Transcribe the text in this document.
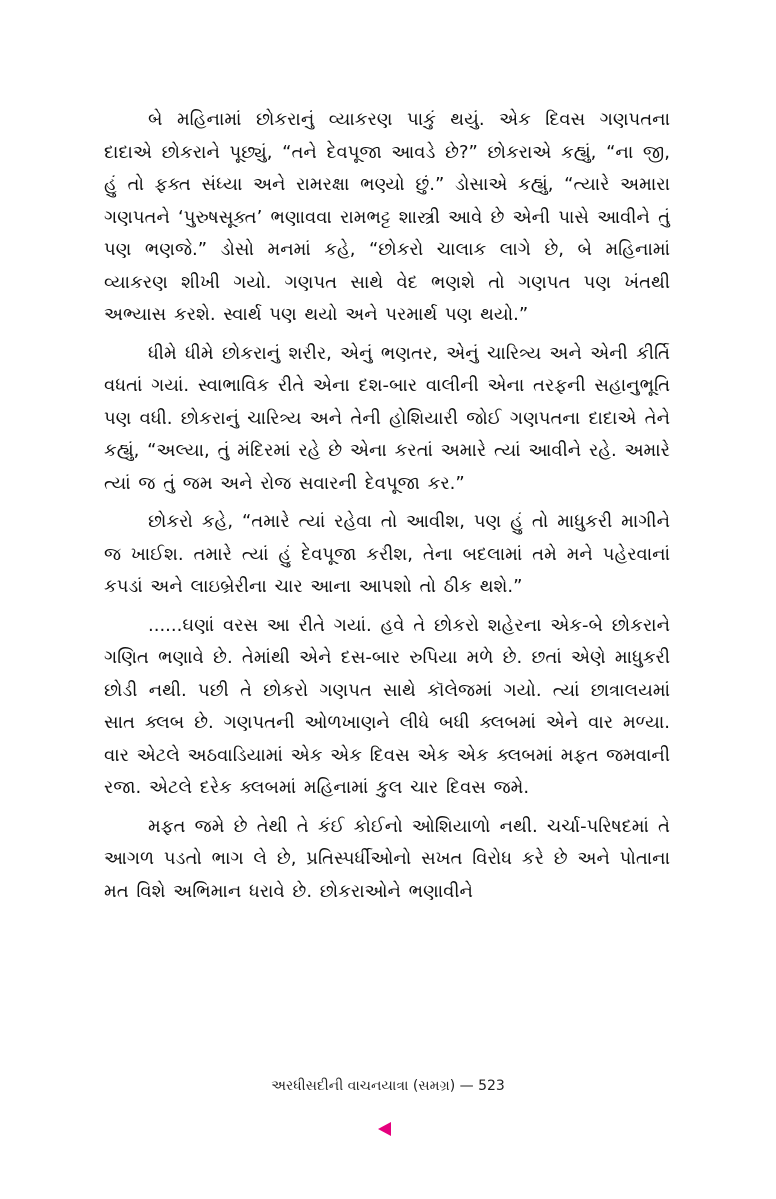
બે મહિનામાં છોકરાનું વ્યાકરણ પાકું થયું. એક દિવસ ગણપતના દાદાએ છોકરાને પૂછ્યું, “તને દેવપૂજા આવડે છે?” છોકરાએ કહ્યું, “ના જી, હું તો ફક્ત સંધ્યા અને રામરક્ષા ભણ્યો છું.” ડોસાએ કહ્યું, “ત્યારે અમારા ગણપતને ‘પુરુષસૂક્ત’ ભણાવવા રામભટ્ટ શાસ્ત્રી આવે છે એની પાસે આવીને તું પણ ભણજે.” ડોસો મનમાં કહે, “છોકરો ચાલાક લાગે છે, બે મહિનામાં વ્યાકરણ શીખી ગયો. ગણપત સાથે વેદ ભણશે તો ગણપત પણ ખંતથી અભ્યાસ કરશે. સ્વાર્થ પણ થયો અને પરમાર્થ પણ થયો.”

ધીમે ધીમે છોકરાનું શરીર, એનું ભણતર, એનું ચારિત્ર્ય અને એની કીર્તિ વધતાં ગયાં. સ્વાભાવિક રીતે એના દશ-બાર વાલીની એના તરફની સહાનુભૂતિ પણ વધી. છોકરાનું ચારિત્ર્ય અને તેની હોશિયારી જોઈ ગણપતના દાદાએ તેને કહ્યું, “અલ્યા, તું મંદિરમાં રહે છે એના કરતાં અમારે ત્યાં આવીને રહે. અમારે ત્યાં જ તું જમ અને રોજ સવારની દેવપૂજા કર.”

છોકરો કહે, “તમારે ત્યાં રહેવા તો આવીશ, પણ હું તો માધુકરી માગીને જ ખાઈશ. તમારે ત્યાં હું દેવપૂજા કરીશ, તેના બદલામાં તમે મને પહેરવાનાં કપડાં અને લાઇબ્રેરીના ચાર આના આપશો તો ઠીક થશે.”

......ઘણાં વરસ આ રીતે ગયાં. હવે તે છોકરો શહેરના એક-બે છોકરાને ગણિત ભણાવે છે. તેમાંથી એને દસ-બાર રુપિયા મળે છે. છતાં એણે માધુકરી છોડી નથી. પછી તે છોકરો ગણપત સાથે કૉલેજમાં ગયો. ત્યાં છાત્રાલયમાં સાત ક્લબ છે. ગણપતની ઓળખાણને લીધે બધી ક્લબમાં એને વાર મળ્યા. વાર એટલે અઠવાડિયામાં એક એક દિવસ એક એક ક્લબમાં મફત જમવાની રજા. એટલે દરેક ક્લબમાં મહિનામાં કુલ ચાર દિવસ જમે.

મફત જમે છે તેથી તે કંઈ કોઈનો ઓશિયાળો નથી. ચર્ચા-પરિષદમાં તે આગળ પડતો ભાગ લે છે, પ્રતિસ્પર્ધીઓનો સખત વિરોધ કરે છે અને પોતાના મત વિશે અભિમાન ધરાવે છે. છોકરાઓને ભણાવીને

અરધીસદીની વાચનયાત્રા (સમગ્ર) — 523
